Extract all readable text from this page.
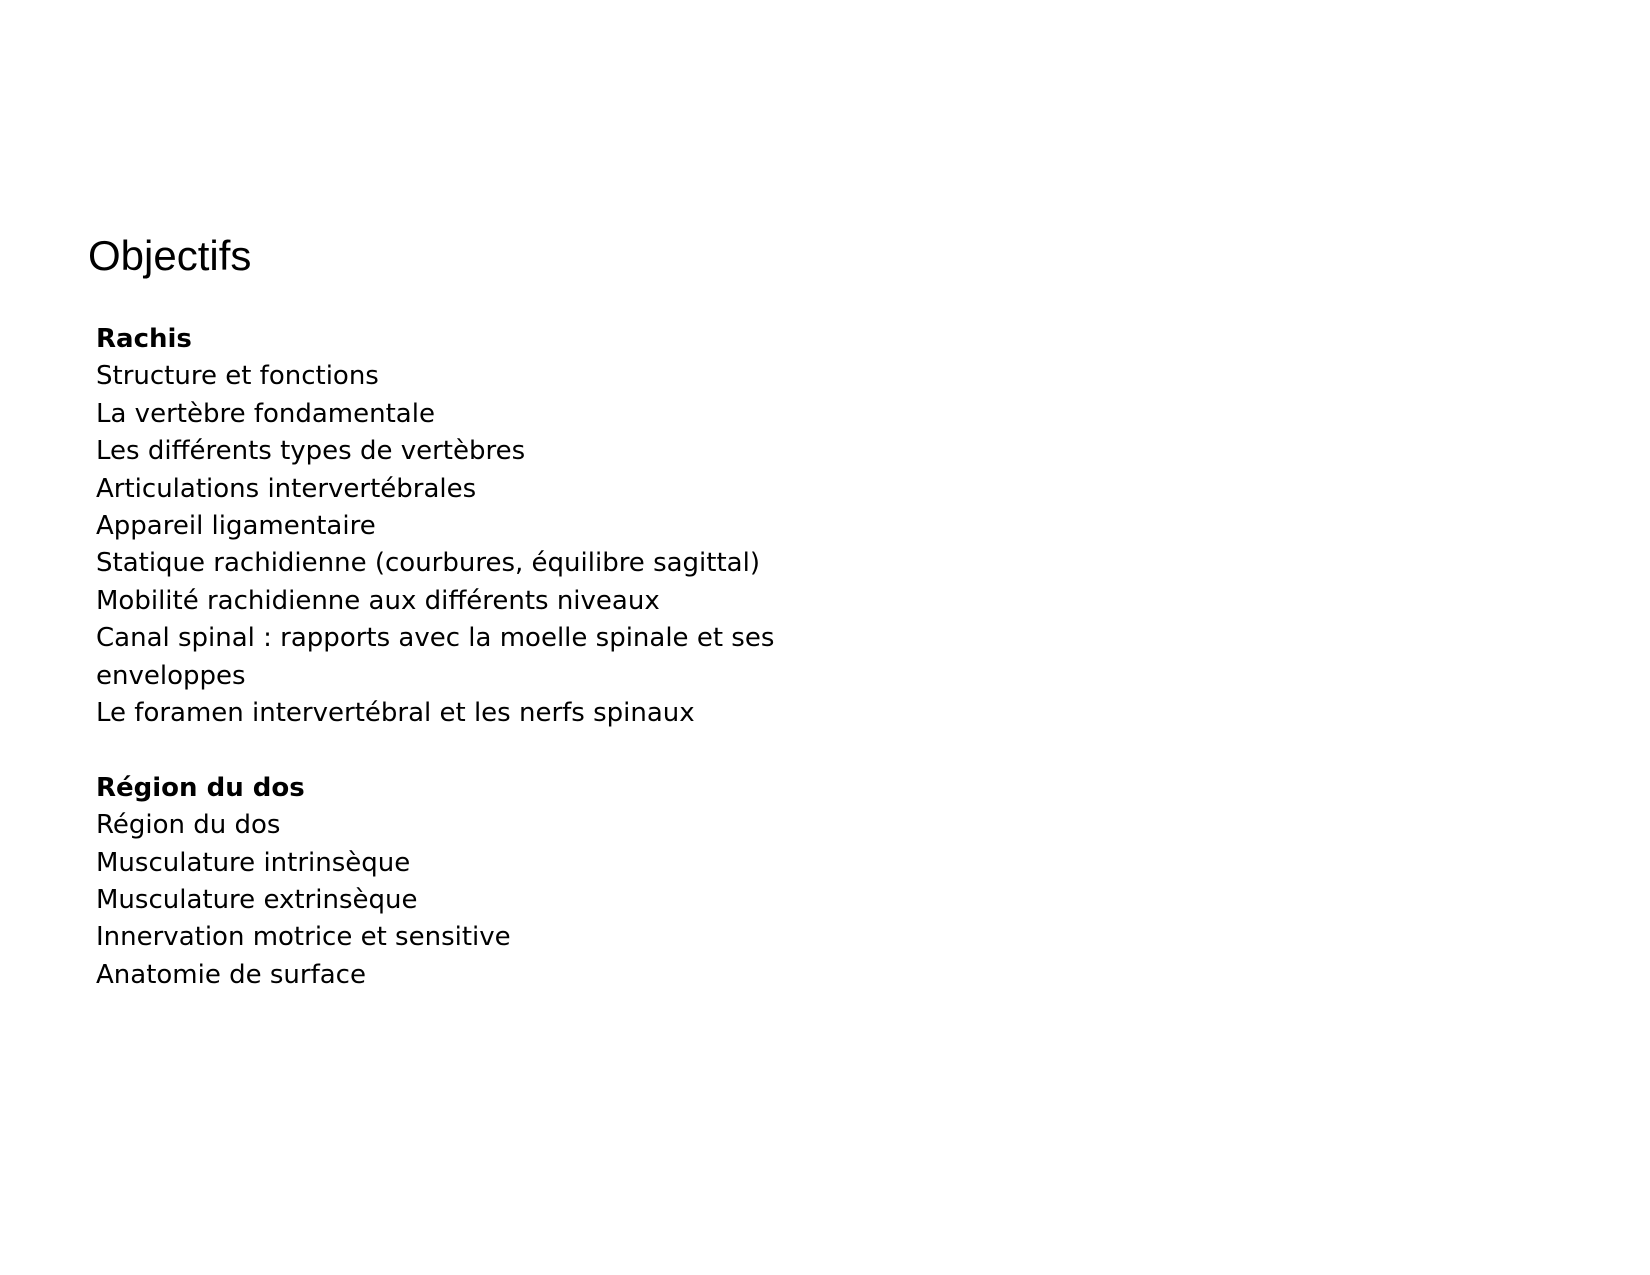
Objectifs
Rachis
Structure et fonctions
La vertèbre fondamentale
Les différents types de vertèbres
Articulations intervertébrales
Appareil ligamentaire
Statique rachidienne (courbures, équilibre sagittal)
Mobilité rachidienne aux différents niveaux
Canal spinal : rapports avec la moelle spinale et ses enveloppes
Le foramen intervertébral et les nerfs spinaux
Région du dos
Région du dos
Musculature intrinsèque
Musculature extrinsèque
Innervation motrice et sensitive
Anatomie de surface
